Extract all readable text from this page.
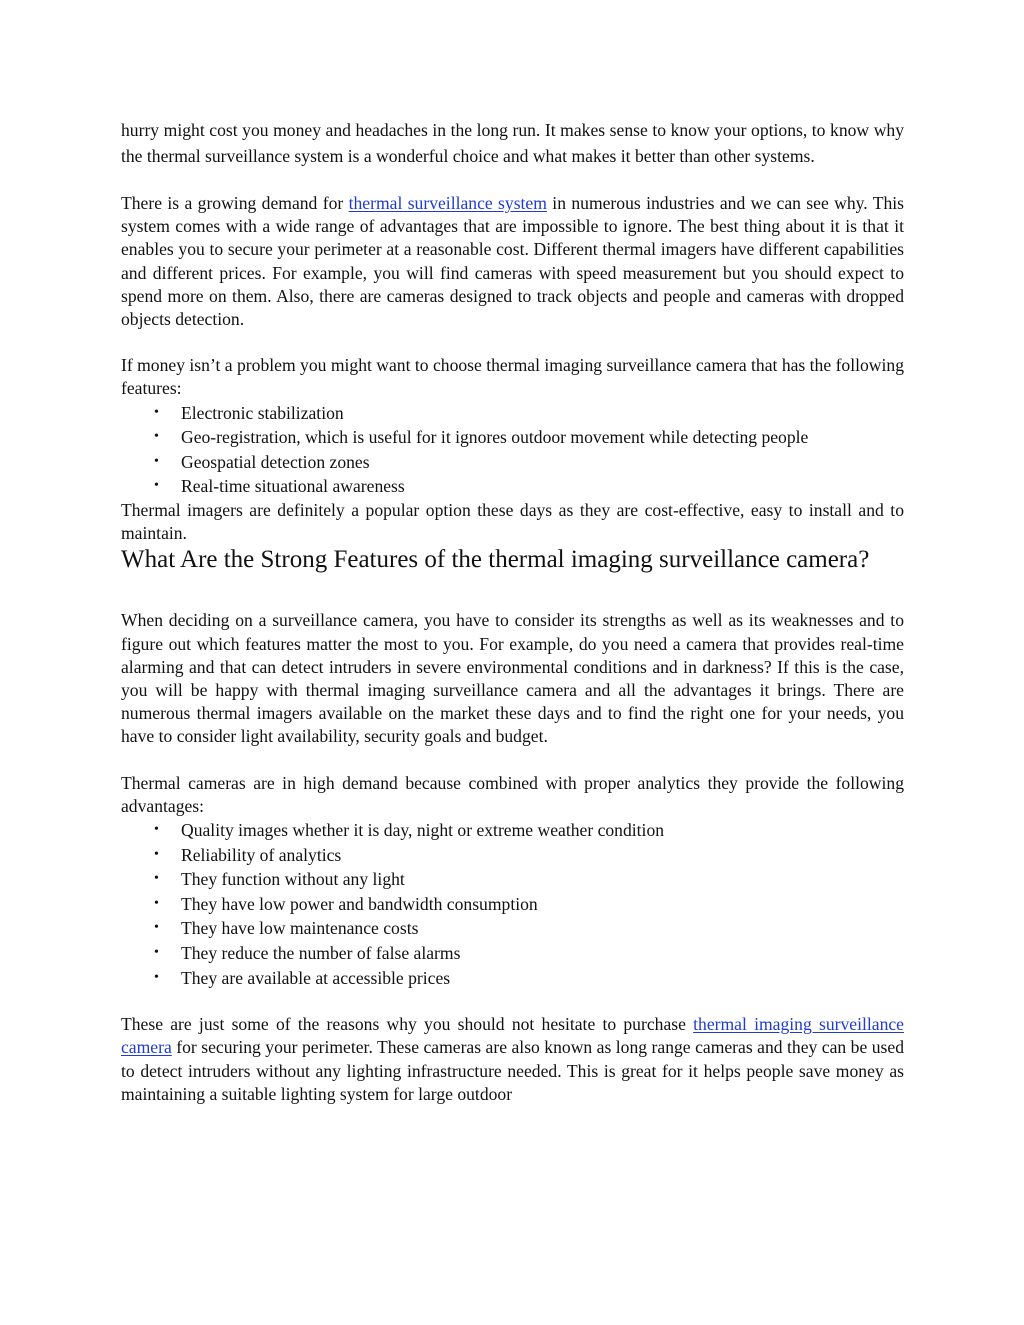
hurry might cost you money and headaches in the long run. It makes sense to know your options, to know why the thermal surveillance system is a wonderful choice and what makes it better than other systems.

There is a growing demand for thermal surveillance system in numerous industries and we can see why. This system comes with a wide range of advantages that are impossible to ignore. The best thing about it is that it enables you to secure your perimeter at a reasonable cost. Different thermal imagers have different capabilities and different prices. For example, you will find cameras with speed measurement but you should expect to spend more on them. Also, there are cameras designed to track objects and people and cameras with dropped objects detection.

If money isn’t a problem you might want to choose thermal imaging surveillance camera that has the following features:

• Electronic stabilization
• Geo-registration, which is useful for it ignores outdoor movement while detecting people
• Geospatial detection zones
• Real-time situational awareness

Thermal imagers are definitely a popular option these days as they are cost-effective, easy to install and to maintain.

What Are the Strong Features of the thermal imaging surveillance camera?

When deciding on a surveillance camera, you have to consider its strengths as well as its weaknesses and to figure out which features matter the most to you. For example, do you need a camera that provides real-time alarming and that can detect intruders in severe environmental conditions and in darkness? If this is the case, you will be happy with thermal imaging surveillance camera and all the advantages it brings. There are numerous thermal imagers available on the market these days and to find the right one for your needs, you have to consider light availability, security goals and budget.

Thermal cameras are in high demand because combined with proper analytics they provide the following advantages:

• Quality images whether it is day, night or extreme weather condition
• Reliability of analytics
• They function without any light
• They have low power and bandwidth consumption
• They have low maintenance costs
• They reduce the number of false alarms
• They are available at accessible prices

These are just some of the reasons why you should not hesitate to purchase thermal imaging surveillance camera for securing your perimeter. These cameras are also known as long range cameras and they can be used to detect intruders without any lighting infrastructure needed. This is great for it helps people save money as maintaining a suitable lighting system for large outdoor
